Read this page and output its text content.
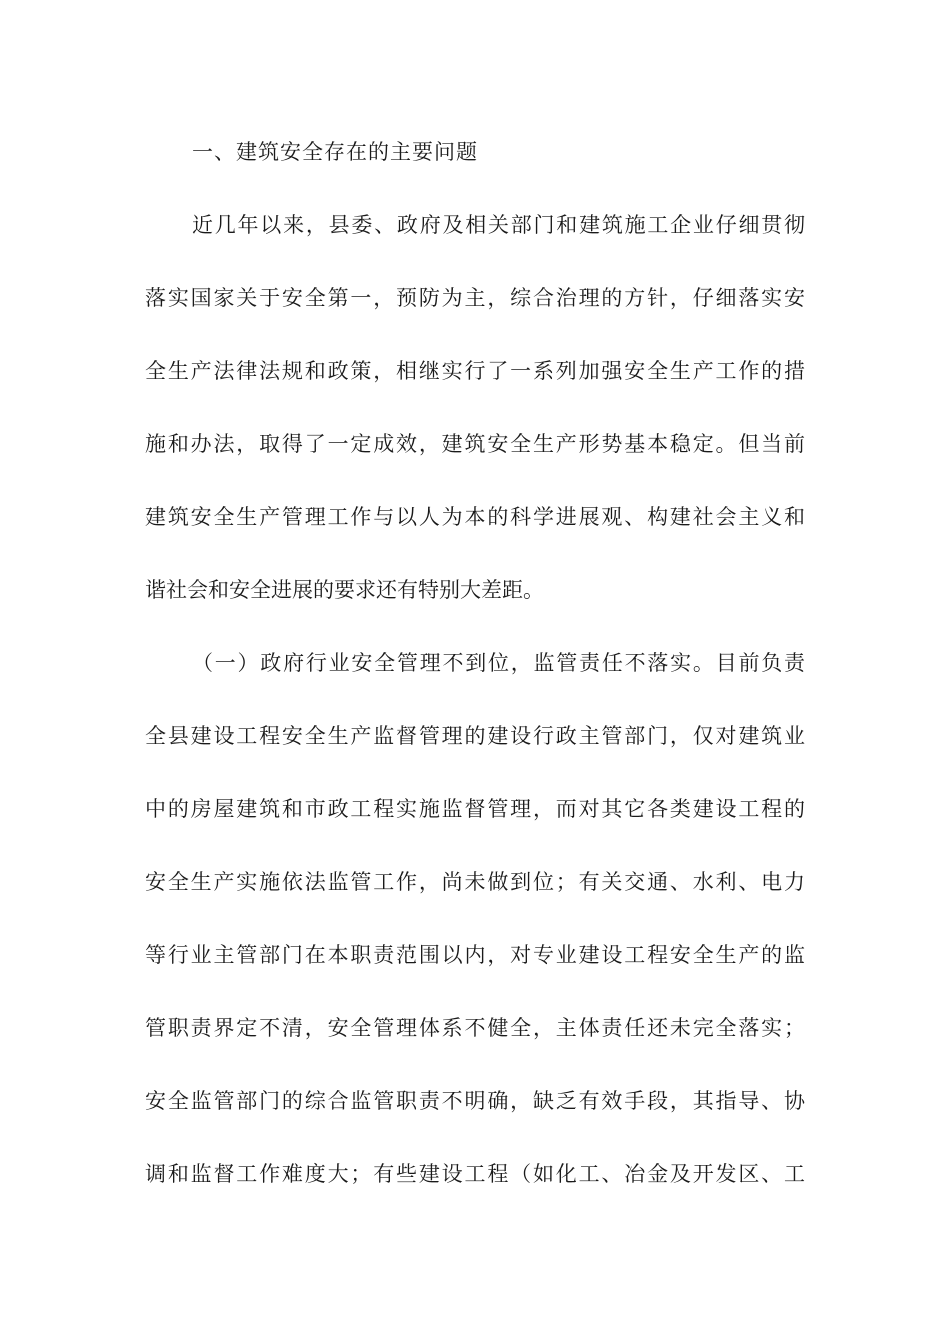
一、建筑安全存在的主要问题
近几年以来，县委、政府及相关部门和建筑施工企业仔细贯彻
落实国家关于安全第一，预防为主，综合治理的方针，仔细落实安
全生产法律法规和政策，相继实行了一系列加强安全生产工作的措
施和办法，取得了一定成效，建筑安全生产形势基本稳定。但当前
建筑安全生产管理工作与以人为本的科学进展观、构建社会主义和
谐社会和安全进展的要求还有特别大差距。
（一）政府行业安全管理不到位，监管责任不落实。目前负责
全县建设工程安全生产监督管理的建设行政主管部门，仅对建筑业
中的房屋建筑和市政工程实施监督管理，而对其它各类建设工程的
安全生产实施依法监管工作，尚未做到位；有关交通、水利、电力
等行业主管部门在本职责范围以内，对专业建设工程安全生产的监
管职责界定不清，安全管理体系不健全，主体责任还未完全落实；
安全监管部门的综合监管职责不明确，缺乏有效手段，其指导、协
调和监督工作难度大；有些建设工程（如化工、冶金及开发区、工
